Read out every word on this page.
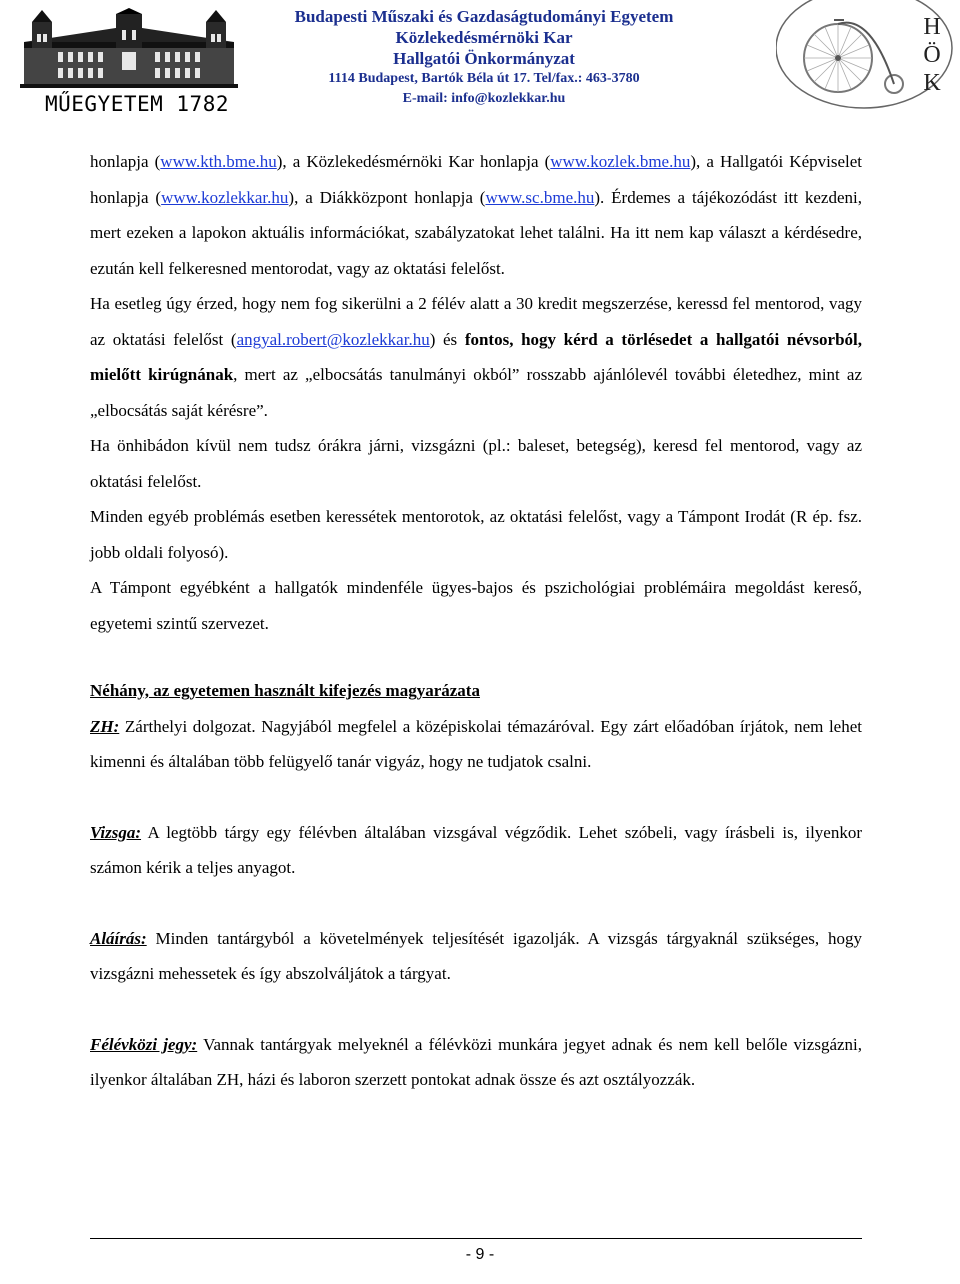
MŰEGYETEM 1782
Budapesti Műszaki és Gazdaságtudományi Egyetem
Közlekedésmérnöki Kar
Hallgatói Önkormányzat
1114 Budapest, Bartók Béla út 17. Tel/fax.: 463-3780
E-mail: info@kozlekkar.hu
H
Ö
K

honlapja (www.kth.bme.hu), a Közlekedésmérnöki Kar honlapja (www.kozlek.bme.hu), a Hallgatói Képviselet honlapja (www.kozlekkar.hu), a Diákközpont honlapja (www.sc.bme.hu). Érdemes a tájékozódást itt kezdeni, mert ezeken a lapokon aktuális információkat, szabályzatokat lehet találni. Ha itt nem kap választ a kérdésedre, ezután kell felkeresned mentorodat, vagy az oktatási felelőst.

Ha esetleg úgy érzed, hogy nem fog sikerülni a 2 félév alatt a 30 kredit megszerzése, keressd fel mentorod, vagy az oktatási felelőst (angyal.robert@kozlekkar.hu) és fontos, hogy kérd a törlésedet a hallgatói névsorból, mielőtt kirúgnának, mert az „elbocsátás tanulmányi okból” rosszabb ajánlólevél további életedhez, mint az „elbocsátás saját kérésre”.

Ha önhibádon kívül nem tudsz órákra járni, vizsgázni (pl.: baleset, betegség), keresd fel mentorod, vagy az oktatási felelőst.

Minden egyéb problémás esetben keressétek mentorotok, az oktatási felelőst, vagy a Támpont Irodát (R ép. fsz. jobb oldali folyosó).

A Támpont egyébként a hallgatók mindenféle ügyes-bajos és pszichológiai problémáira megoldást kereső, egyetemi szintű szervezet.

Néhány, az egyetemen használt kifejezés magyarázata

ZH: Zárthelyi dolgozat. Nagyjából megfelel a középiskolai témazáróval. Egy zárt előadóban írjátok, nem lehet kimenni és általában több felügyelő tanár vigyáz, hogy ne tudjatok csalni.

Vizsga: A legtöbb tárgy egy félévben általában vizsgával végződik. Lehet szóbeli, vagy írásbeli is, ilyenkor számon kérik a teljes anyagot.

Aláírás: Minden tantárgyból a követelmények teljesítését igazolják. A vizsgás tárgyaknál szükséges, hogy vizsgázni mehessetek és így abszolváljátok a tárgyat.

Félévközi jegy: Vannak tantárgyak melyeknél a félévközi munkára jegyet adnak és nem kell belőle vizsgázni, ilyenkor általában ZH, házi és laboron szerzett pontokat adnak össze és azt osztályozzák.

- 9 -
